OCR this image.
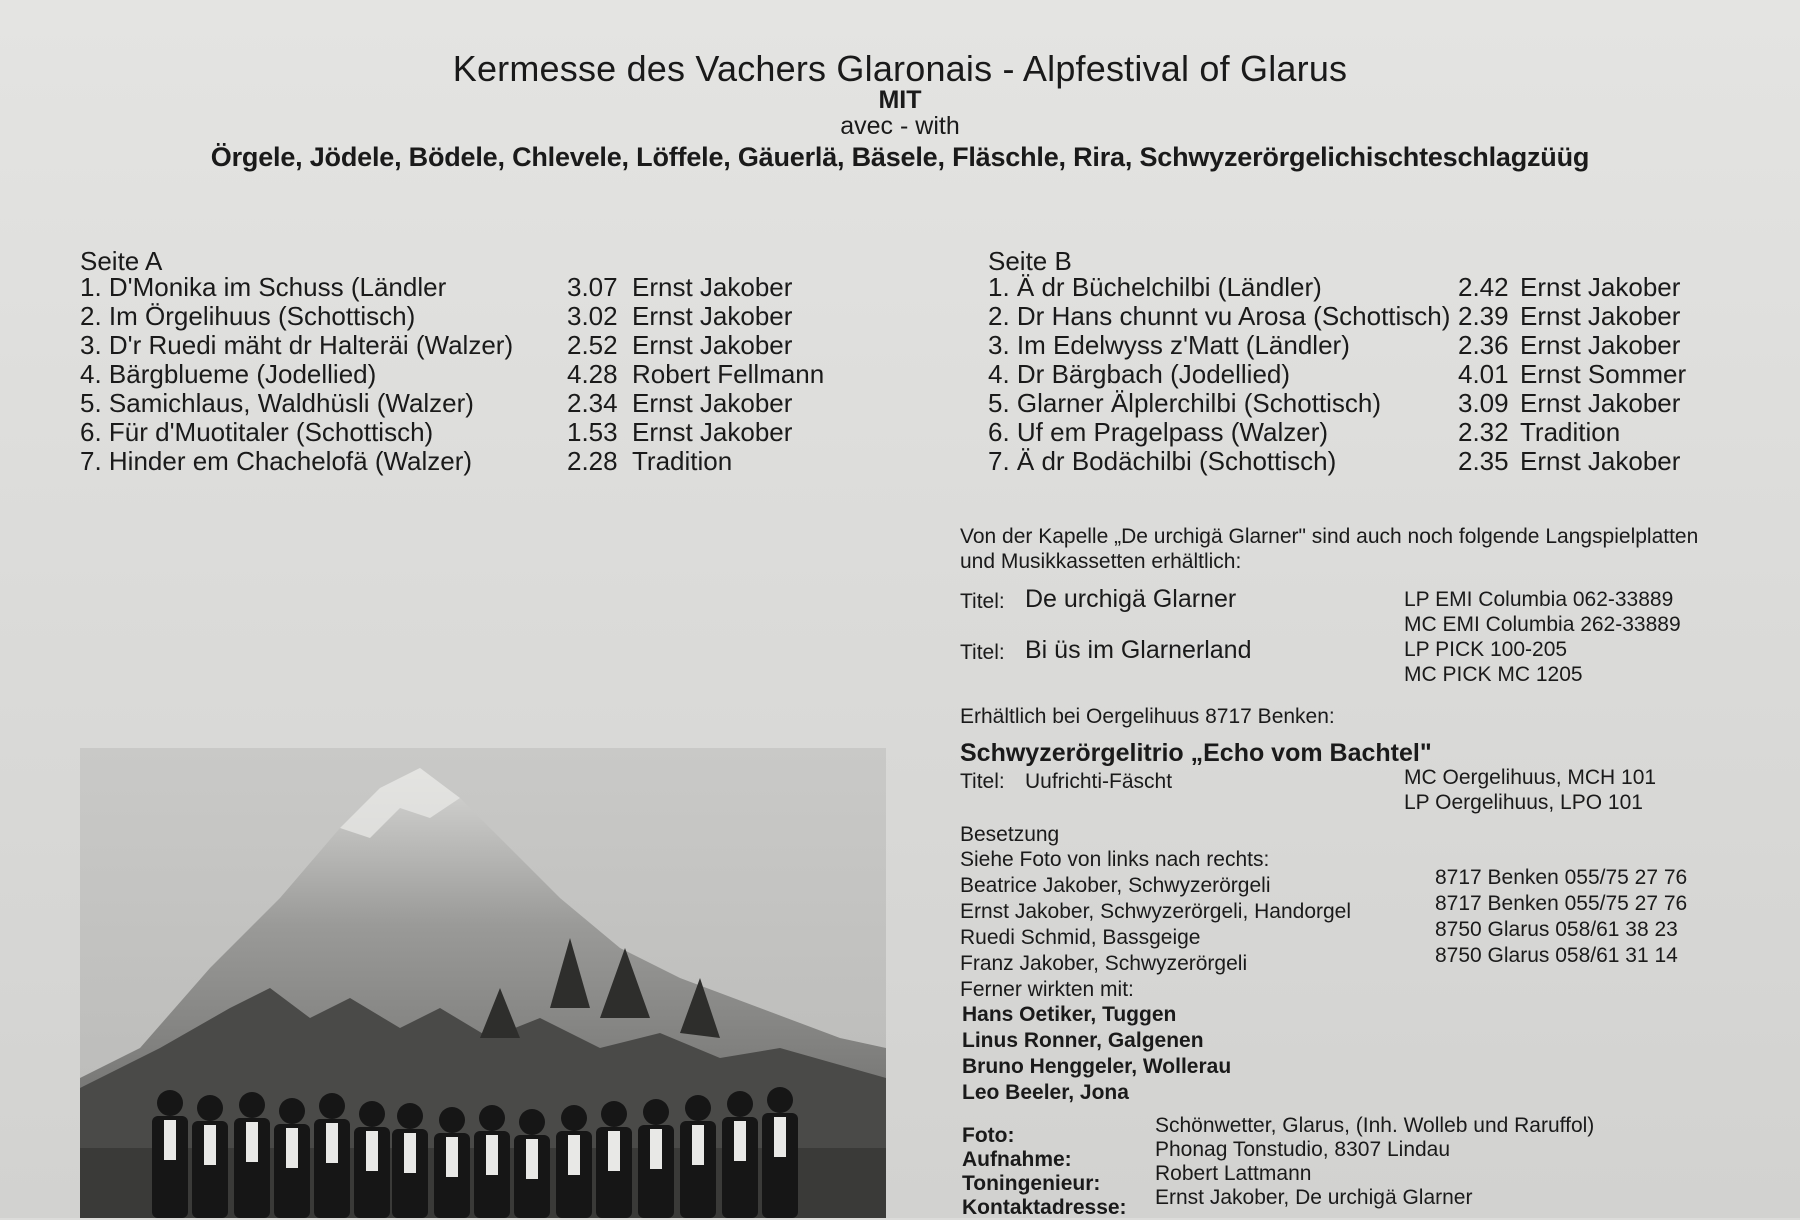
Kermesse des Vachers Glaronais - Alpfestival of Glarus
MIT
avec - with
Örgele, Jödele, Bödele, Chlevele, Löffele, Gäuerlä, Bäsele, Fläschle, Rira, Schwyzerörgelichischteschlagzüüg
Seite A
1. D'Monika im Schuss (Ländler	3.07 Ernst Jakober
2. Im Örgelihuus (Schottisch)	3.02 Ernst Jakober
3. D'r Ruedi mäht dr Halteräi (Walzer) 2.52 Ernst Jakober
4. Bärgblueme (Jodellied)	4.28 Robert Fellmann
5. Samichlaus, Waldhüsli (Walzer)	2.34 Ernst Jakober
6. Für d'Muotitaler (Schottisch)	1.53 Ernst Jakober
7. Hinder em Chachelofä (Walzer)	2.28 Tradition
Seite B
1. Ä dr Büchelchilbi (Ländler)	2.42 Ernst Jakober
2. Dr Hans chunnt vu Arosa (Schottisch) 2.39 Ernst Jakober
3. Im Edelwyss z'Matt (Ländler)	2.36 Ernst Jakober
4. Dr Bärgbach (Jodellied)	4.01 Ernst Sommer
5. Glarner Älplerchilbi (Schottisch)	3.09 Ernst Jakober
6. Uf em Pragelpass (Walzer)	2.32 Tradition
7. Ä dr Bodächilbi (Schottisch)	2.35 Ernst Jakober
Von der Kapelle „De urchigä Glarner" sind auch noch folgende Langspielplatten
und Musikkassetten erhältlich:
Titel: De urchigä Glarner	LP EMI Columbia 062-33889
MC EMI Columbia 262-33889
Titel: Bi üs im Glarnerland	LP PICK 100-205
MC PICK MC 1205
Erhältlich bei Oergelihuus 8717 Benken:
Schwyzerörgelitrio „Echo vom Bachtel"
Titel: Uufrichti-Fäscht	MC Oergelihuus, MCH 101
LP Oergelihuus, LPO 101
Besetzung
Siehe Foto von links nach rechts:
Beatrice Jakober, Schwyzerörgeli	8717 Benken 055/75 27 76
Ernst Jakober, Schwyzerörgeli, Handorgel	8717 Benken 055/75 27 76
Ruedi Schmid, Bassgeige	8750 Glarus 058/61 38 23
Franz Jakober, Schwyzerörgeli	8750 Glarus 058/61 31 14
Ferner wirkten mit:
Hans Oetiker, Tuggen
Linus Ronner, Galgenen
Bruno Henggeler, Wollerau
Leo Beeler, Jona
Foto:	Schönwetter, Glarus, (Inh. Wolleb und Raruffol)
Aufnahme:	Phonag Tonstudio, 8307 Lindau
Toningenieur:	Robert Lattmann
Kontaktadresse: Ernst Jakober, De urchigä Glarner
